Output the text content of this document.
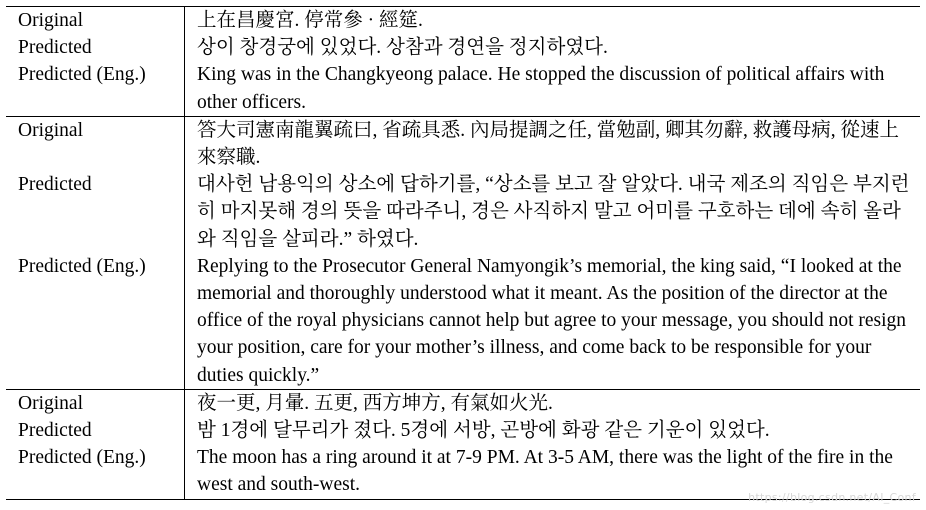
Original	上在昌慶宮. 停常參 · 經筵.
Predicted	상이 창경궁에 있었다. 상참과 경연을 정지하였다.
Predicted (Eng.)	King was in the Changkyeong palace. He stopped the discussion of political affairs with other officers.
Original	答大司憲南龍翼疏曰, 省疏具悉. 內局提調之任, 當勉副, 卿其勿辭, 救護母病, 從速上來察職.
Predicted	대사헌 남용익의 상소에 답하기를, “상소를 보고 잘 알았다. 내국 제조의 직임은 부지런히 마지못해 경의 뜻을 따라주니, 경은 사직하지 말고 어미를 구호하는 데에 속히 올라와 직임을 살피라.” 하였다.
Predicted (Eng.)	Replying to the Prosecutor General Namyongik’s memorial, the king said, “I looked at the memorial and thoroughly understood what it meant. As the position of the director at the office of the royal physicians cannot help but agree to your message, you should not resign your position, care for your mother’s illness, and come back to be responsible for your duties quickly.”
Original	夜一更, 月暈. 五更, 西方坤方, 有氣如火光.
Predicted	밤 1경에 달무리가 졌다. 5경에 서방, 곤방에 화광 같은 기운이 있었다.
Predicted (Eng.)	The moon has a ring around it at 7-9 PM. At 3-5 AM, there was the light of the fire in the west and south-west.
https://blog.csdn.net/AI_Conf
